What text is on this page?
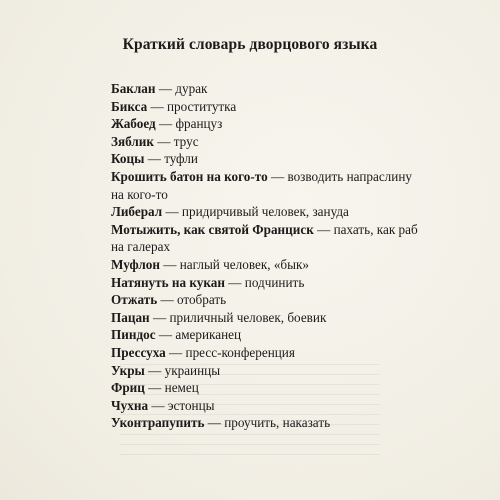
Краткий словарь дворцового языка

Баклан — дурак

Бикса — проститутка

Жабоед — француз

Зяблик — трус

Коцы — туфли

Крошить батон на кого-то — возводить напраслину
на кого-то

Либерал — придирчивый человек, зануда

Мотыжить, как святой Франциск — пахать, как раб
на галерах

Муфлон — наглый человек, «бык»

Натянуть на кукан — подчинить

Отжать — отобрать

Пацан — приличный человек, боевик

Пиндос — американец

Прессуха — пресс-конференция

Укры — украинцы

Фриц — немец

Чухна — эстонцы

Уконтрапупить — проучить, наказать
